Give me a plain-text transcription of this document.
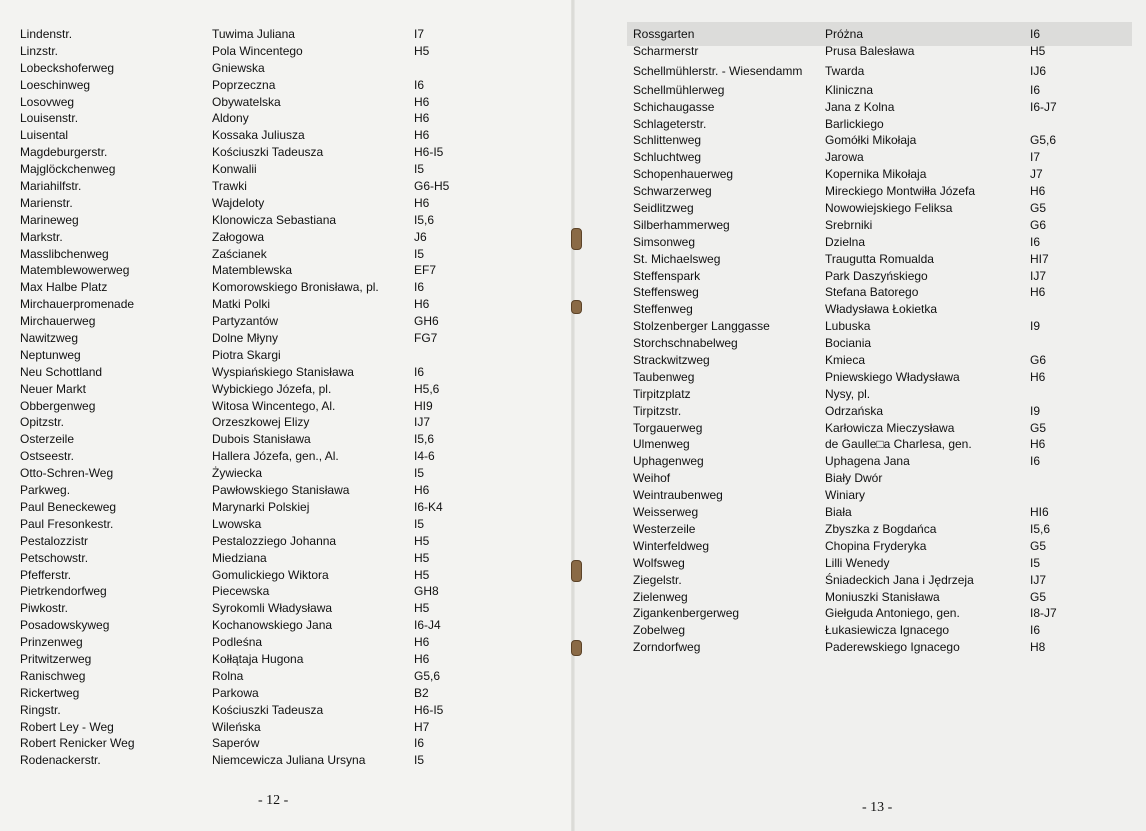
Lindenstr.
Linzstr.
Lobeckshoferweg
Loeschinweg
Losovweg
Louisenstr.
Luisental
Magdeburgerstr.
Majglöckchenweg
Mariahilfstr.
Marienstr.
Marineweg
Markstr.
Masslibchenweg
Matemblewowerweg
Max Halbe Platz
Mirchauerpromenade
Mirchauerweg
Nawitzweg
Neptunweg
Neu Schottland
Neuer Markt
Obbergenweg
Opitzstr.
Osterzeile
Ostseestr.
Otto-Schren-Weg
Parkweg.
Paul Beneckeweg
Paul Fresonkestr.
Pestalozzistr
Petschowstr.
Pfefferstr.
Pietrkendorfweg
Piwkostr.
Posadowskyweg
Prinzenweg
Pritwitzerweg
Ranischweg
Rickertweg
Ringstr.
Robert Ley - Weg
Robert Renicker Weg
Rodenackerstr.
Tuwima Juliana
Pola Wincentego
Gniewska
Poprzeczna
Obywatelska
Aldony
Kossaka Juliusza
Kościuszki Tadeusza
Konwalii
Trawki
Wajdeloty
Klonowicza Sebastiana
Załogowa
Zaścianek
Matemblewska
Komorowskiego Bronisława, pl.
Matki Polki
Partyzantów
Dolne Młyny
Piotra Skargi
Wyspiańskiego Stanisława
Wybickiego Józefa, pl.
Witosa Wincentego, Al.
Orzeszkowej Elizy
Dubois Stanisława
Hallera Józefa, gen., Al.
Żywiecka
Pawłowskiego Stanisława
Marynarki Polskiej
Lwowska
Pestalozziego Johanna
Miedziana
Gomulickiego Wiktora
Piecewska
Syrokomli Władysława
Kochanowskiego Jana
Podleśna
Kołłątaja Hugona
Rolna
Parkowa
Kościuszki Tadeusza
Wileńska
Saperów
Niemcewicza Juliana Ursyna
I7
H5
I6
H6
H6
H6
H6-I5
I5
G6-H5
H6
I5,6
J6
I5
EF7
I6
H6
GH6
FG7
I6
H5,6
HI9
IJ7
I5,6
I4-6
I5
H6
I6-K4
I5
H5
H5
H5
GH8
H5
I6-J4
H6
H6
G5,6
B2
H6-I5
H7
I6
I5
- 12 -
Rossgarten
Scharmerstr
Schellmühlerstr. - Wiesendamm
Schellmühlerweg
Schichaugasse
Schlageterstr.
Schlittenweg
Schluchtweg
Schopenhauerweg
Schwarzerweg
Seidlitzweg
Silberhammerweg
Simsonweg
St. Michaelsweg
Steffenspark
Steffensweg
Steffenweg
Stolzenberger Langgasse
Storchschnabelweg
Strackwitzweg
Taubenweg
Tirpitzplatz
Tirpitzstr.
Torgauerweg
Ulmenweg
Uphagenweg
Weihof
Weintraubenweg
Weisserweg
Westerzeile
Winterfeldweg
Wolfsweg
Ziegelstr.
Zielenweg
Zigankenbergerweg
Zobelweg
Zorndorfweg
Próżna
Prusa Balesława
Twarda
Kliniczna
Jana z Kolna
Barlickiego
Gomółki Mikołaja
Jarowa
Kopernika Mikołaja
Mireckiego Montwiłła Józefa
Nowowiejskiego Feliksa
Srebrniki
Dzielna
Traugutta Romualda
Park Daszyńskiego
Stefana Batorego
Władysława Łokietka
Lubuska
Bociania
Kmieca
Pniewskiego Władysława
Nysy, pl.
Odrzańska
Karłowicza Mieczysława
de Gaulle□a Charlesa, gen.
Uphagena Jana
Biały Dwór
Winiary
Biała
Zbyszka z Bogdańca
Chopina Fryderyka
Lilli Wenedy
Śniadeckich Jana i Jędrzeja
Moniuszki Stanisława
Giełguda Antoniego, gen.
Łukasiewicza Ignacego
Paderewskiego Ignacego
I6
H5
IJ6
I6
I6-J7
G5,6
I7
J7
H6
G5
G6
I6
HI7
IJ7
H6
I9
G6
H6
I9
G5
H6
I6
HI6
I5,6
G5
I5
IJ7
G5
I8-J7
I6
H8
- 13 -
